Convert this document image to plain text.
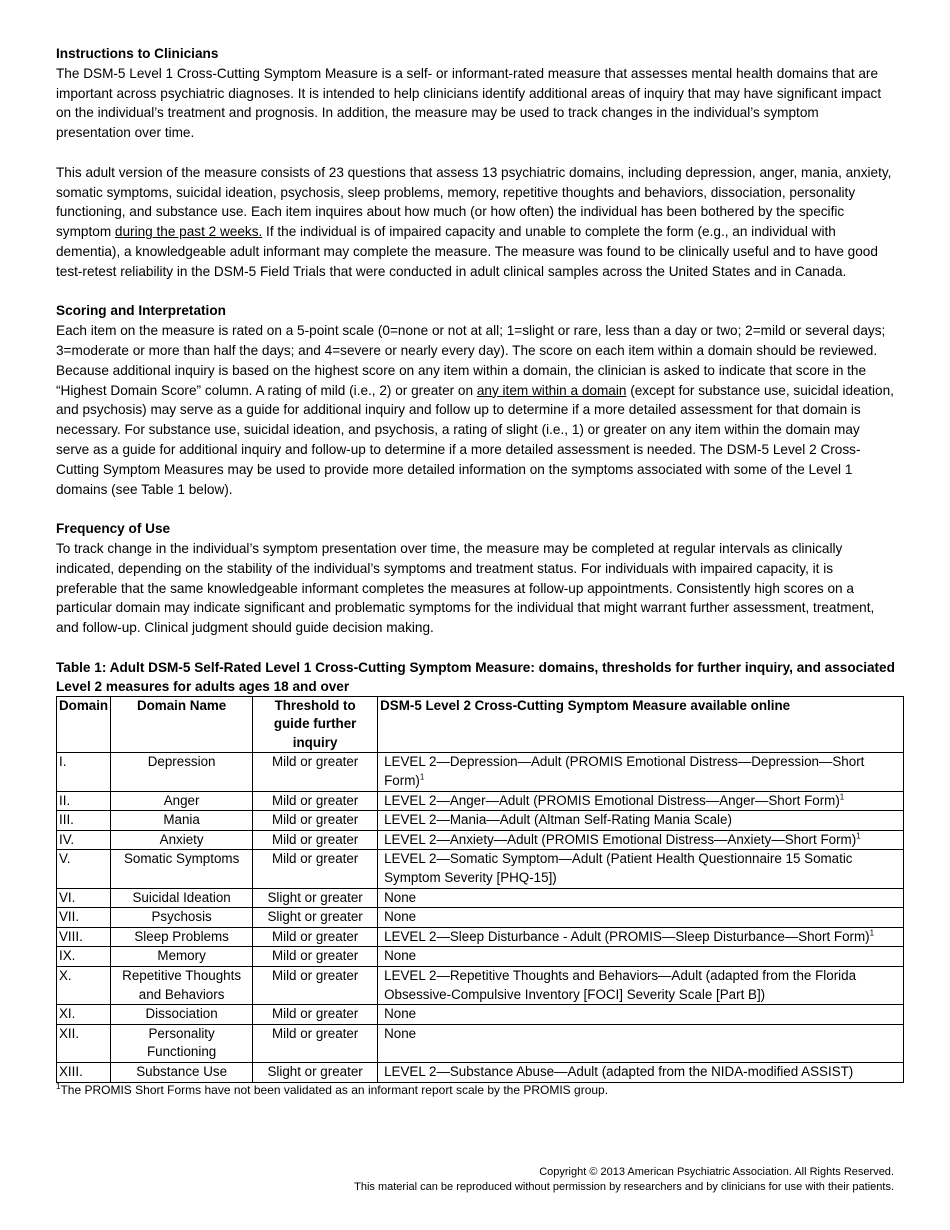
Instructions to Clinicians

The DSM-5 Level 1 Cross-Cutting Symptom Measure is a self- or informant-rated measure that assesses mental health domains that are important across psychiatric diagnoses. It is intended to help clinicians identify additional areas of inquiry that may have significant impact on the individual’s treatment and prognosis. In addition, the measure may be used to track changes in the individual’s symptom presentation over time.

This adult version of the measure consists of 23 questions that assess 13 psychiatric domains, including depression, anger, mania, anxiety, somatic symptoms, suicidal ideation, psychosis, sleep problems, memory, repetitive thoughts and behaviors, dissociation, personality functioning, and substance use. Each item inquires about how much (or how often) the individual has been bothered by the specific symptom during the past 2 weeks. If the individual is of impaired capacity and unable to complete the form (e.g., an individual with dementia), a knowledgeable adult informant may complete the measure. The measure was found to be clinically useful and to have good test-retest reliability in the DSM-5 Field Trials that were conducted in adult clinical samples across the United States and in Canada.

Scoring and Interpretation

Each item on the measure is rated on a 5-point scale (0=none or not at all; 1=slight or rare, less than a day or two; 2=mild or several days; 3=moderate or more than half the days; and 4=severe or nearly every day). The score on each item within a domain should be reviewed. Because additional inquiry is based on the highest score on any item within a domain, the clinician is asked to indicate that score in the “Highest Domain Score” column. A rating of mild (i.e., 2) or greater on any item within a domain (except for substance use, suicidal ideation, and psychosis) may serve as a guide for additional inquiry and follow up to determine if a more detailed assessment for that domain is necessary. For substance use, suicidal ideation, and psychosis, a rating of slight (i.e., 1) or greater on any item within the domain may serve as a guide for additional inquiry and follow-up to determine if a more detailed assessment is needed. The DSM-5 Level 2 Cross-Cutting Symptom Measures may be used to provide more detailed information on the symptoms associated with some of the Level 1 domains (see Table 1 below).

Frequency of Use

To track change in the individual’s symptom presentation over time, the measure may be completed at regular intervals as clinically indicated, depending on the stability of the individual’s symptoms and treatment status. For individuals with impaired capacity, it is preferable that the same knowledgeable informant completes the measures at follow-up appointments. Consistently high scores on a particular domain may indicate significant and problematic symptoms for the individual that might warrant further assessment, treatment, and follow-up. Clinical judgment should guide decision making.

Table 1: Adult DSM-5 Self-Rated Level 1 Cross-Cutting Symptom Measure: domains, thresholds for further inquiry, and associated Level 2 measures for adults ages 18 and over
Domain	Domain Name	Threshold to guide further inquiry	DSM-5 Level 2 Cross-Cutting Symptom Measure available online
I.	Depression	Mild or greater	LEVEL 2—Depression—Adult (PROMIS Emotional Distress—Depression—Short Form)$^1$
II.	Anger	Mild or greater	LEVEL 2—Anger—Adult (PROMIS Emotional Distress—Anger—Short Form)$^1$
III.	Mania	Mild or greater	LEVEL 2—Mania—Adult (Altman Self-Rating Mania Scale)
IV.	Anxiety	Mild or greater	LEVEL 2—Anxiety—Adult (PROMIS Emotional Distress—Anxiety—Short Form)$^1$
V.	Somatic Symptoms	Mild or greater	LEVEL 2—Somatic Symptom—Adult (Patient Health Questionnaire 15 Somatic Symptom Severity [PHQ-15])
VI.	Suicidal Ideation	Slight or greater	None
VII.	Psychosis	Slight or greater	None
VIII.	Sleep Problems	Mild or greater	LEVEL 2—Sleep Disturbance - Adult (PROMIS—Sleep Disturbance—Short Form)$^1$
IX.	Memory	Mild or greater	None
X.	Repetitive Thoughts and Behaviors	Mild or greater	LEVEL 2—Repetitive Thoughts and Behaviors—Adult (adapted from the Florida Obsessive-Compulsive Inventory [FOCI] Severity Scale [Part B])
XI.	Dissociation	Mild or greater	None
XII.	Personality Functioning	Mild or greater	None
XIII.	Substance Use	Slight or greater	LEVEL 2—Substance Abuse—Adult (adapted from the NIDA-modified ASSIST)
$^1$The PROMIS Short Forms have not been validated as an informant report scale by the PROMIS group.
Copyright © 2013 American Psychiatric Association. All Rights Reserved.
This material can be reproduced without permission by researchers and by clinicians for use with their patients.
